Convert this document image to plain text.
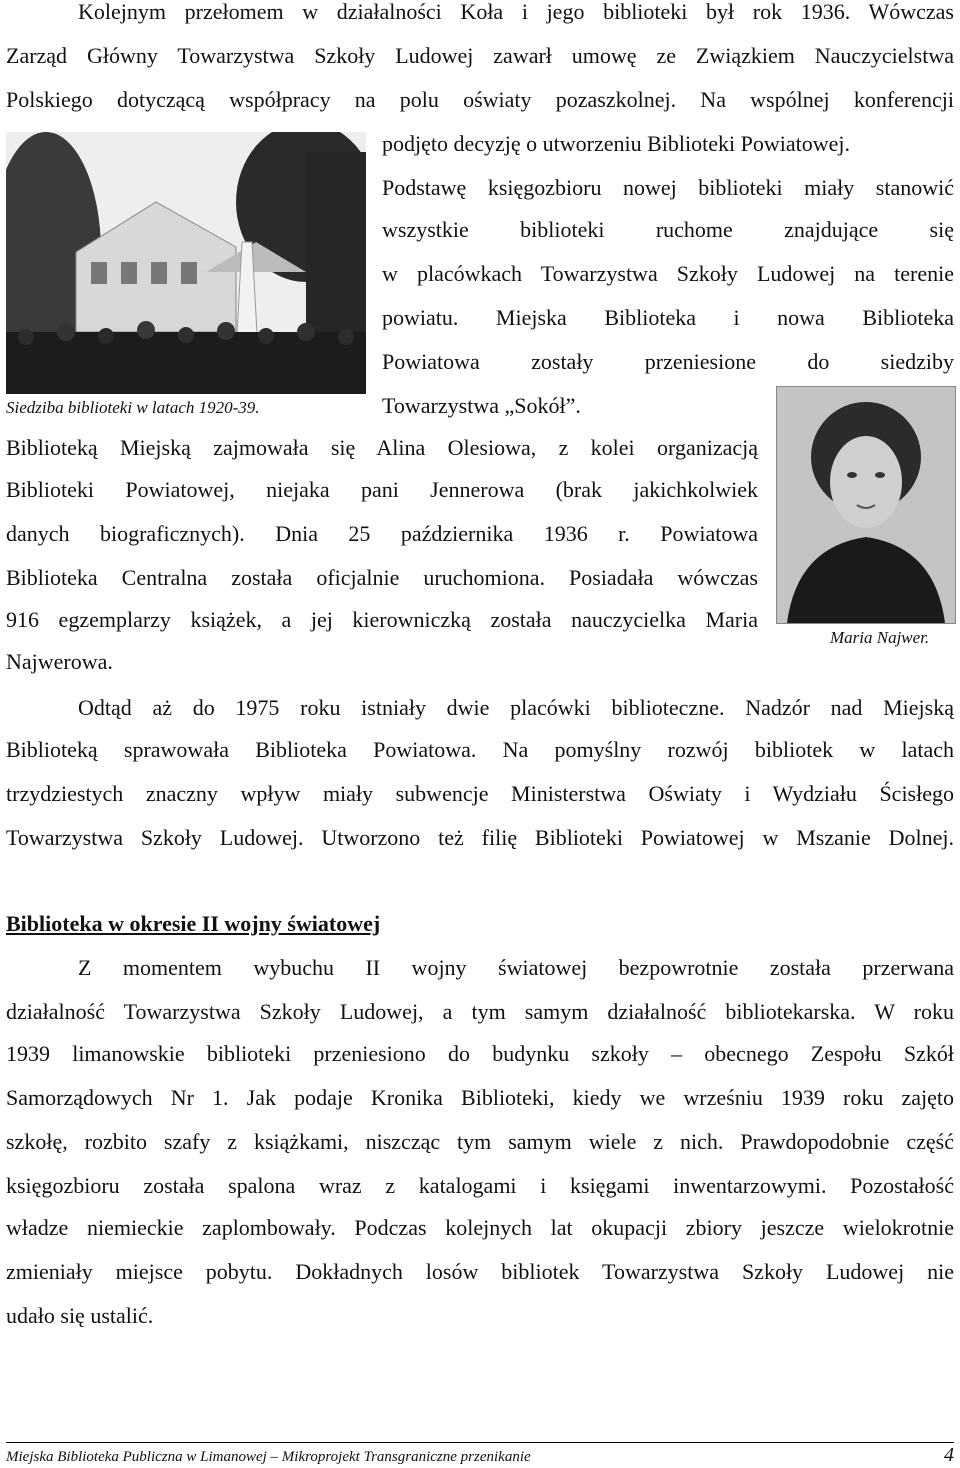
Kolejnym przełomem w działalności Koła i jego biblioteki był rok 1936. Wówczas
Zarząd Główny Towarzystwa Szkoły Ludowej zawarł umowę ze Związkiem Nauczycielstwa
Polskiego dotyczącą współpracy na polu oświaty pozaszkolnej. Na wspólnej konferencji
podjęto decyzję o utworzeniu Biblioteki Powiatowej.
Podstawę księgozbioru nowej biblioteki miały stanowić
wszystkie biblioteki ruchome znajdujące się
w placówkach Towarzystwa Szkoły Ludowej na terenie
powiatu. Miejska Biblioteka i nowa Biblioteka
Powiatowa zostały przeniesione do siedziby
Towarzystwa „Sokół”.
Siedziba biblioteki w latach 1920-39.
Biblioteką Miejską zajmowała się Alina Olesiowa, z kolei organizacją
Biblioteki Powiatowej, niejaka pani Jennerowa (brak jakichkolwiek
danych biograficznych). Dnia 25 października 1936 r. Powiatowa
Biblioteka Centralna została oficjalnie uruchomiona. Posiadała wówczas
916 egzemplarzy książek, a jej kierowniczką została nauczycielka Maria
Najwerowa.
Maria Najwer.
Odtąd aż do 1975 roku istniały dwie placówki biblioteczne. Nadzór nad Miejską
Biblioteką sprawowała Biblioteka Powiatowa. Na pomyślny rozwój bibliotek w latach
trzydziestych znaczny wpływ miały subwencje Ministerstwa Oświaty i Wydziału Ścisłego
Towarzystwa Szkoły Ludowej. Utworzono też filię Biblioteki Powiatowej w Mszanie Dolnej.
Biblioteka w okresie II wojny światowej
Z momentem wybuchu II wojny światowej bezpowrotnie została przerwana
działalność Towarzystwa Szkoły Ludowej, a tym samym działalność bibliotekarska. W roku
1939 limanowskie biblioteki przeniesiono do budynku szkoły – obecnego Zespołu Szkół
Samorządowych Nr 1. Jak podaje Kronika Biblioteki, kiedy we wrześniu 1939 roku zajęto
szkołę, rozbito szafy z książkami, niszcząc tym samym wiele z nich. Prawdopodobnie część
księgozbioru została spalona wraz z katalogami i księgami inwentarzowymi. Pozostałość
władze niemieckie zaplombowały. Podczas kolejnych lat okupacji zbiory jeszcze wielokrotnie
zmieniały miejsce pobytu. Dokładnych losów bibliotek Towarzystwa Szkoły Ludowej nie
udało się ustalić.
Miejska Biblioteka Publiczna w Limanowej – Mikroprojekt Transgraniczne przenikanie	4
